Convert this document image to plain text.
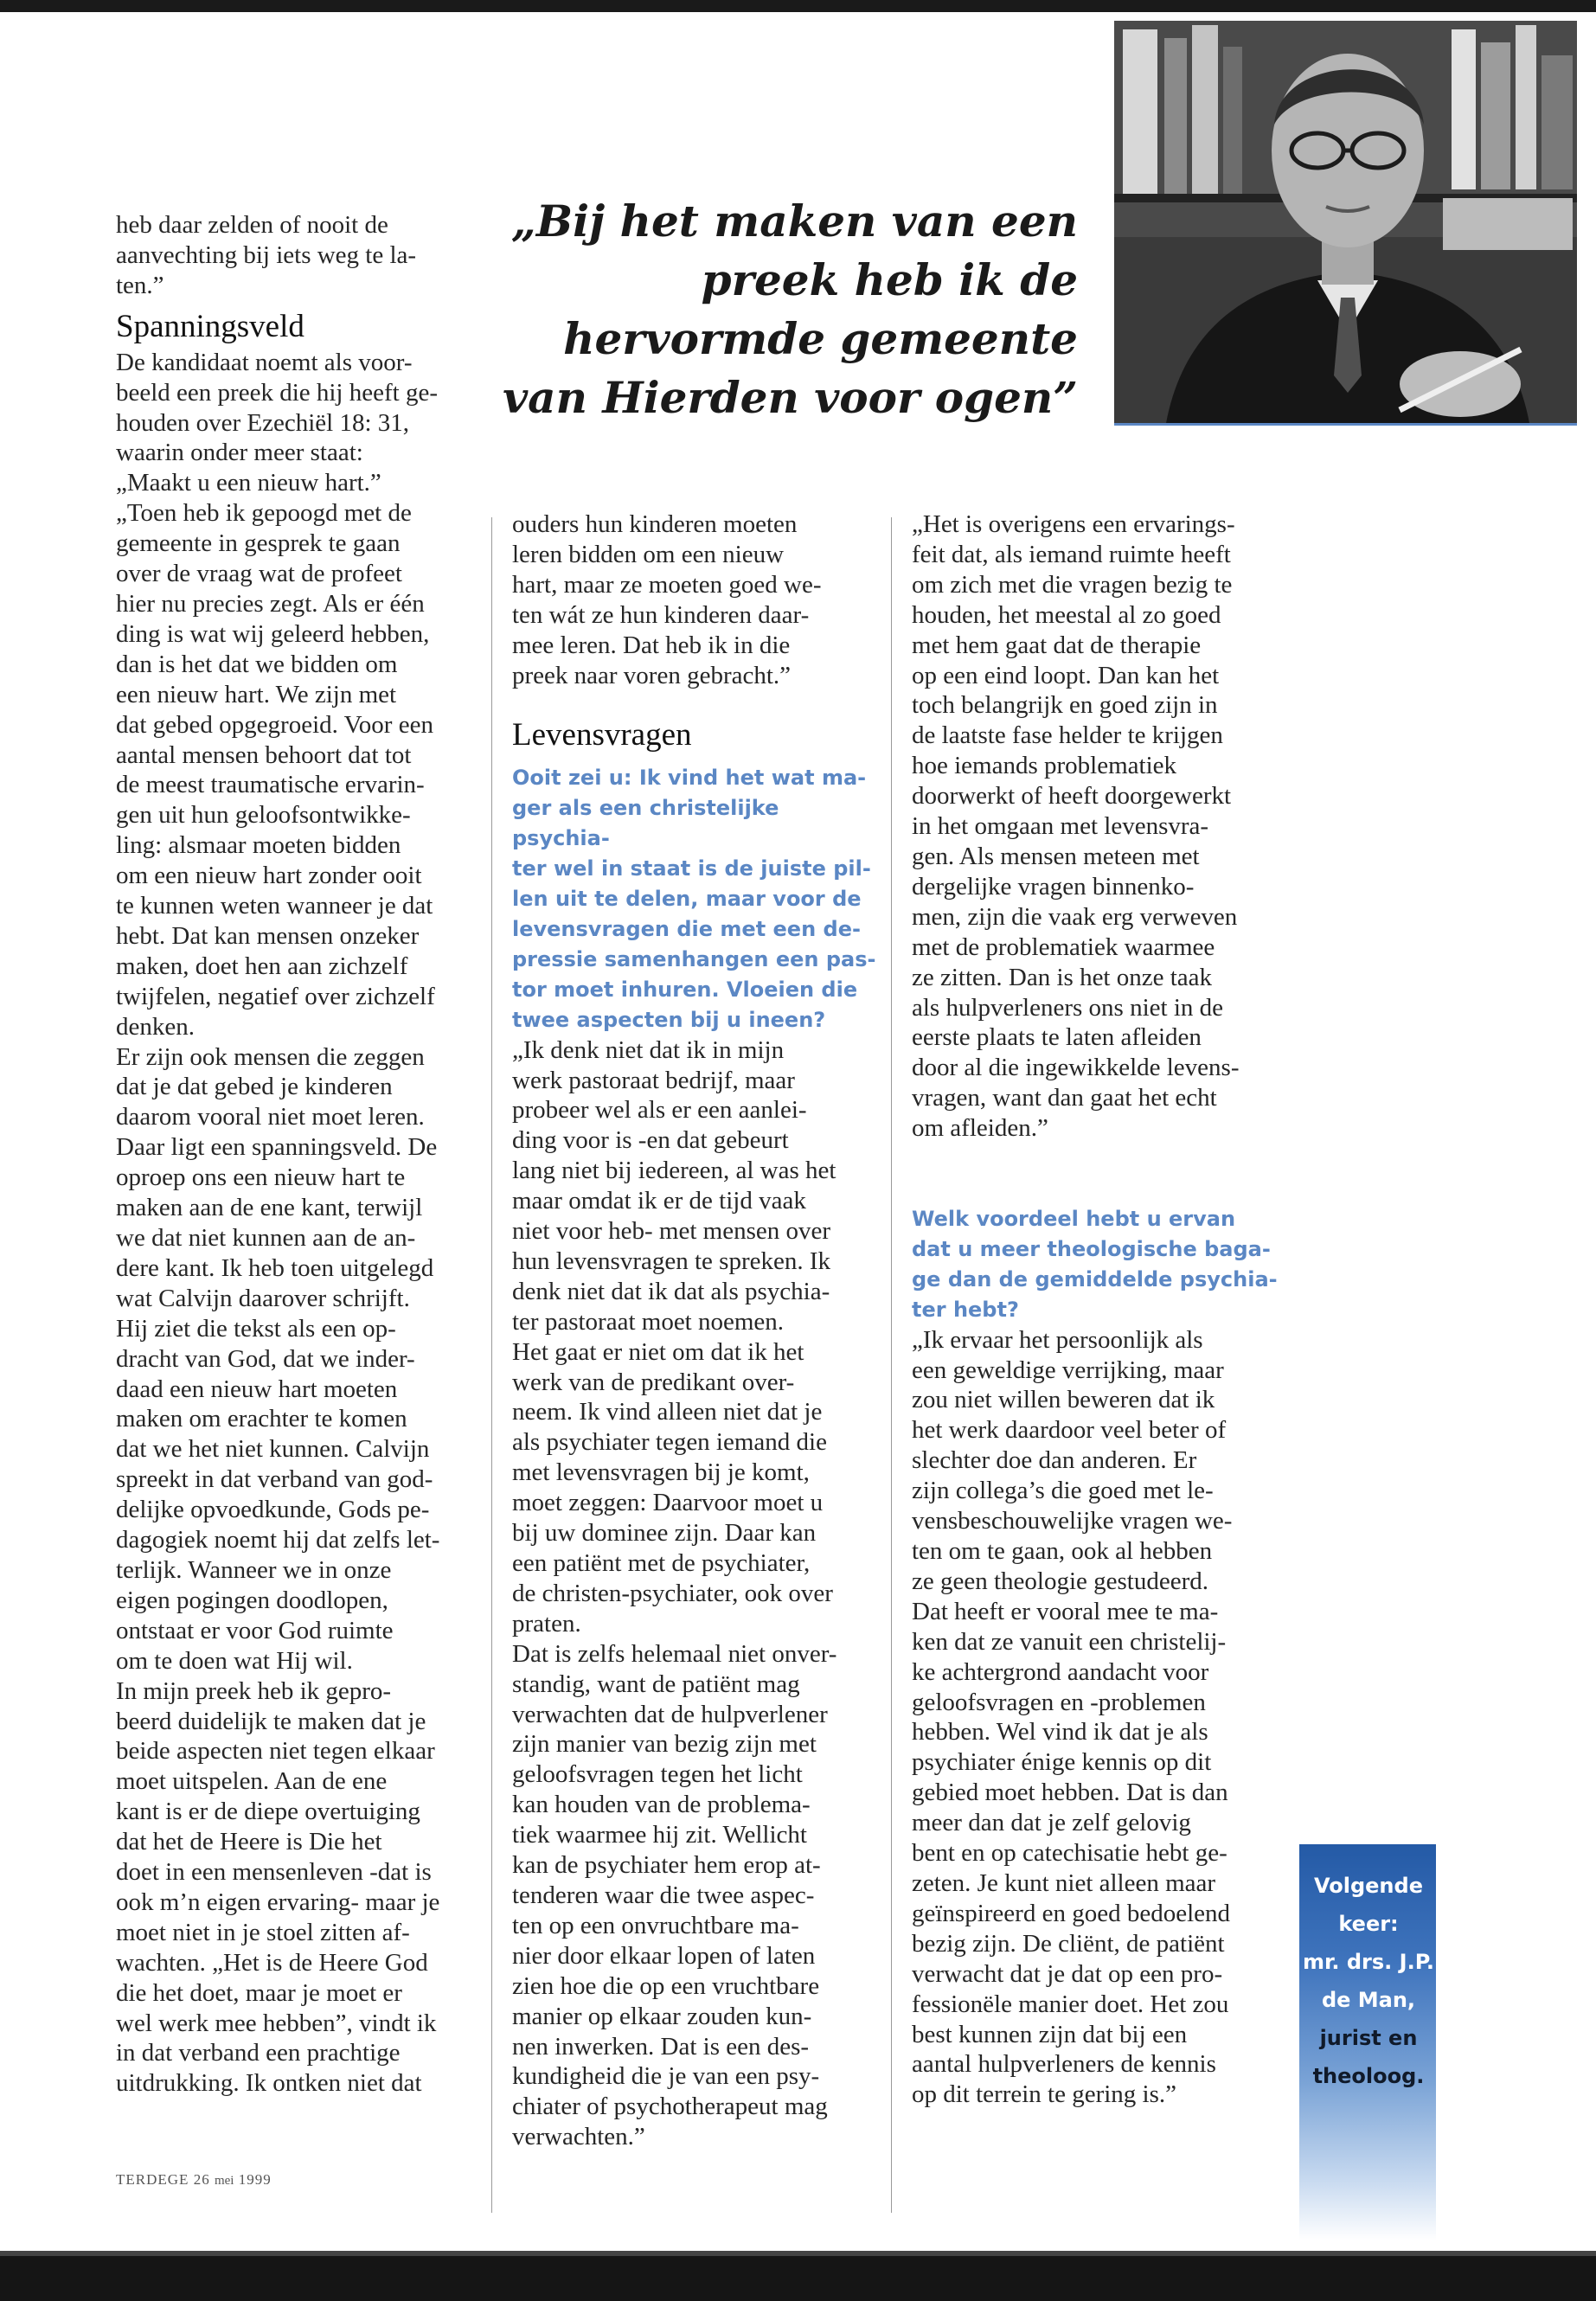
„Bij het maken van een
preek heb ik de
hervormde gemeente
van Hierden voor ogen”

heb daar zelden of nooit de

aanvechting bij iets weg te la-

ten.”

Spanningsveld

De kandidaat noemt als voor-

beeld een preek die hij heeft ge-

houden over Ezechiël 18: 31,

waarin onder meer staat:

„Maakt u een nieuw hart.”

„Toen heb ik gepoogd met de

gemeente in gesprek te gaan

over de vraag wat de profeet

hier nu precies zegt. Als er één

ding is wat wij geleerd hebben,

dan is het dat we bidden om

een nieuw hart. We zijn met

dat gebed opgegroeid. Voor een

aantal mensen behoort dat tot

de meest traumatische ervarin-

gen uit hun geloofsontwikke-

ling: alsmaar moeten bidden

om een nieuw hart zonder ooit

te kunnen weten wanneer je dat

hebt. Dat kan mensen onzeker

maken, doet hen aan zichzelf

twijfelen, negatief over zichzelf

denken.

Er zijn ook mensen die zeggen

dat je dat gebed je kinderen

daarom vooral niet moet leren.

Daar ligt een spanningsveld. De

oproep ons een nieuw hart te

maken aan de ene kant, terwijl

we dat niet kunnen aan de an-

dere kant. Ik heb toen uitgelegd

wat Calvijn daarover schrijft.

Hij ziet die tekst als een op-

dracht van God, dat we inder-

daad een nieuw hart moeten

maken om erachter te komen

dat we het niet kunnen. Calvijn

spreekt in dat verband van god-

delijke opvoedkunde, Gods pe-

dagogiek noemt hij dat zelfs let-

terlijk. Wanneer we in onze

eigen pogingen doodlopen,

ontstaat er voor God ruimte

om te doen wat Hij wil.

In mijn preek heb ik gepro-

beerd duidelijk te maken dat je

beide aspecten niet tegen elkaar

moet uitspelen. Aan de ene

kant is er de diepe overtuiging

dat het de Heere is Die het

doet in een mensenleven -dat is

ook m’n eigen ervaring- maar je

moet niet in je stoel zitten af-

wachten. „Het is de Heere God

die het doet, maar je moet er

wel werk mee hebben”, vindt ik

in dat verband een prachtige

uitdrukking. Ik ontken niet dat

ouders hun kinderen moeten

leren bidden om een nieuw

hart, maar ze moeten goed we-

ten wát ze hun kinderen daar-

mee leren. Dat heb ik in die

preek naar voren gebracht.”

Levensvragen

Ooit zei u: Ik vind het wat ma-

ger als een christelijke psychia-

ter wel in staat is de juiste pil-

len uit te delen, maar voor de

levensvragen die met een de-

pressie samenhangen een pas-

tor moet inhuren. Vloeien die

twee aspecten bij u ineen?

„Ik denk niet dat ik in mijn

werk pastoraat bedrijf, maar

probeer wel als er een aanlei-

ding voor is -en dat gebeurt

lang niet bij iedereen, al was het

maar omdat ik er de tijd vaak

niet voor heb- met mensen over

hun levensvragen te spreken. Ik

denk niet dat ik dat als psychia-

ter pastoraat moet noemen.

Het gaat er niet om dat ik het

werk van de predikant over-

neem. Ik vind alleen niet dat je

als psychiater tegen iemand die

met levensvragen bij je komt,

moet zeggen: Daarvoor moet u

bij uw dominee zijn. Daar kan

een patiënt met de psychiater,

de christen-psychiater, ook over

praten.

Dat is zelfs helemaal niet onver-

standig, want de patiënt mag

verwachten dat de hulpverlener

zijn manier van bezig zijn met

geloofsvragen tegen het licht

kan houden van de problema-

tiek waarmee hij zit. Wellicht

kan de psychiater hem erop at-

tenderen waar die twee aspec-

ten op een onvruchtbare ma-

nier door elkaar lopen of laten

zien hoe die op een vruchtbare

manier op elkaar zouden kun-

nen inwerken. Dat is een des-

kundigheid die je van een psy-

chiater of psychotherapeut mag

verwachten.”

„Het is overigens een ervarings-

feit dat, als iemand ruimte heeft

om zich met die vragen bezig te

houden, het meestal al zo goed

met hem gaat dat de therapie

op een eind loopt. Dan kan het

toch belangrijk en goed zijn in

de laatste fase helder te krijgen

hoe iemands problematiek

doorwerkt of heeft doorgewerkt

in het omgaan met levensvra-

gen. Als mensen meteen met

dergelijke vragen binnenko-

men, zijn die vaak erg verweven

met de problematiek waarmee

ze zitten. Dan is het onze taak

als hulpverleners ons niet in de

eerste plaats te laten afleiden

door al die ingewikkelde levens-

vragen, want dan gaat het echt

om afleiden.”

Welk voordeel hebt u ervan

dat u meer theologische baga-

ge dan de gemiddelde psychia-

ter hebt?

„Ik ervaar het persoonlijk als

een geweldige verrijking, maar

zou niet willen beweren dat ik

het werk daardoor veel beter of

slechter doe dan anderen. Er

zijn collega’s die goed met le-

vensbeschouwelijke vragen we-

ten om te gaan, ook al hebben

ze geen theologie gestudeerd.

Dat heeft er vooral mee te ma-

ken dat ze vanuit een christelij-

ke achtergrond aandacht voor

geloofsvragen en -problemen

hebben. Wel vind ik dat je als

psychiater énige kennis op dit

gebied moet hebben. Dat is dan

meer dan dat je zelf gelovig

bent en op catechisatie hebt ge-

zeten. Je kunt niet alleen maar

geïnspireerd en goed bedoelend

bezig zijn. De cliënt, de patiënt

verwacht dat je dat op een pro-

fessionële manier doet. Het zou

best kunnen zijn dat bij een

aantal hulpverleners de kennis

op dit terrein te gering is.”

Volgende
keer:
mr. drs. J.P.
de Man,
jurist en
theoloog.

TERDEGE 26 mei 1999
